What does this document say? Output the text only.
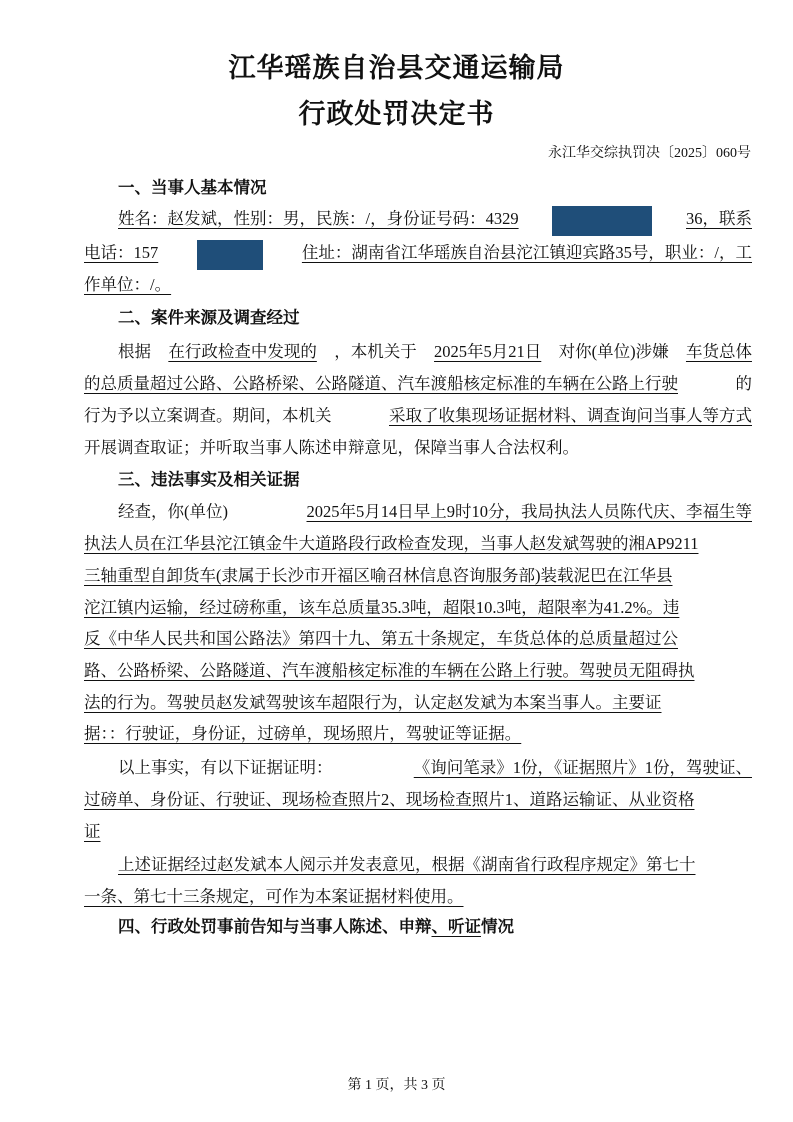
江华瑶族自治县交通运输局
行政处罚决定书
永江华交综执罚决〔2025〕060号
一、当事人基本情况
姓名：赵发斌，性别：男，民族：/，身份证号码：4329	36，联系
电话：157	住址：湖南省江华瑶族自治县沱江镇迎宾路35号，职业：/，工
作单位：/。
二、案件来源及调查经过
根据 在行政检查中发现的 ，本机关于 2025年5月21日 对你(单位)涉嫌 车货总体
的总质量超过公路、公路桥梁、公路隧道、汽车渡船核定标准的车辆在公路上行驶	的
行为予以立案调查。期间，本机关	采取了收集现场证据材料、调查询问当事人等方式
开展调查取证；并听取当事人陈述申辩意见，保障当事人合法权利。
三、违法事实及相关证据
经查，你(单位)	2025年5月14日早上9时10分，我局执法人员陈代庆、李福生等
执法人员在江华县沱江镇金牛大道路段行政检查发现，当事人赵发斌驾驶的湘AP9211
三轴重型自卸货车(隶属于长沙市开福区喻召林信息咨询服务部)装载泥巴在江华县
沱江镇内运输，经过磅称重，该车总质量35.3吨，超限10.3吨，超限率为41.2%。违
反《中华人民共和国公路法》第四十九、第五十条规定，车货总体的总质量超过公
路、公路桥梁、公路隧道、汽车渡船核定标准的车辆在公路上行驶。驾驶员无阻碍执
法的行为。驾驶员赵发斌驾驶该车超限行为，认定赵发斌为本案当事人。主要证
据：：行驶证，身份证，过磅单，现场照片，驾驶证等证据。
以上事实，有以下证据证明：	《询问笔录》1份，《证据照片》1份，驾驶证、
过磅单、身份证、行驶证、现场检查照片2、现场检查照片1、道路运输证、从业资格
证
上述证据经过赵发斌本人阅示并发表意见，根据《湖南省行政程序规定》第七十
一条、第七十三条规定，可作为本案证据材料使用。
四、行政处罚事前告知与当事人陈述、申辩、听证情况
第 1 页，共 3 页
